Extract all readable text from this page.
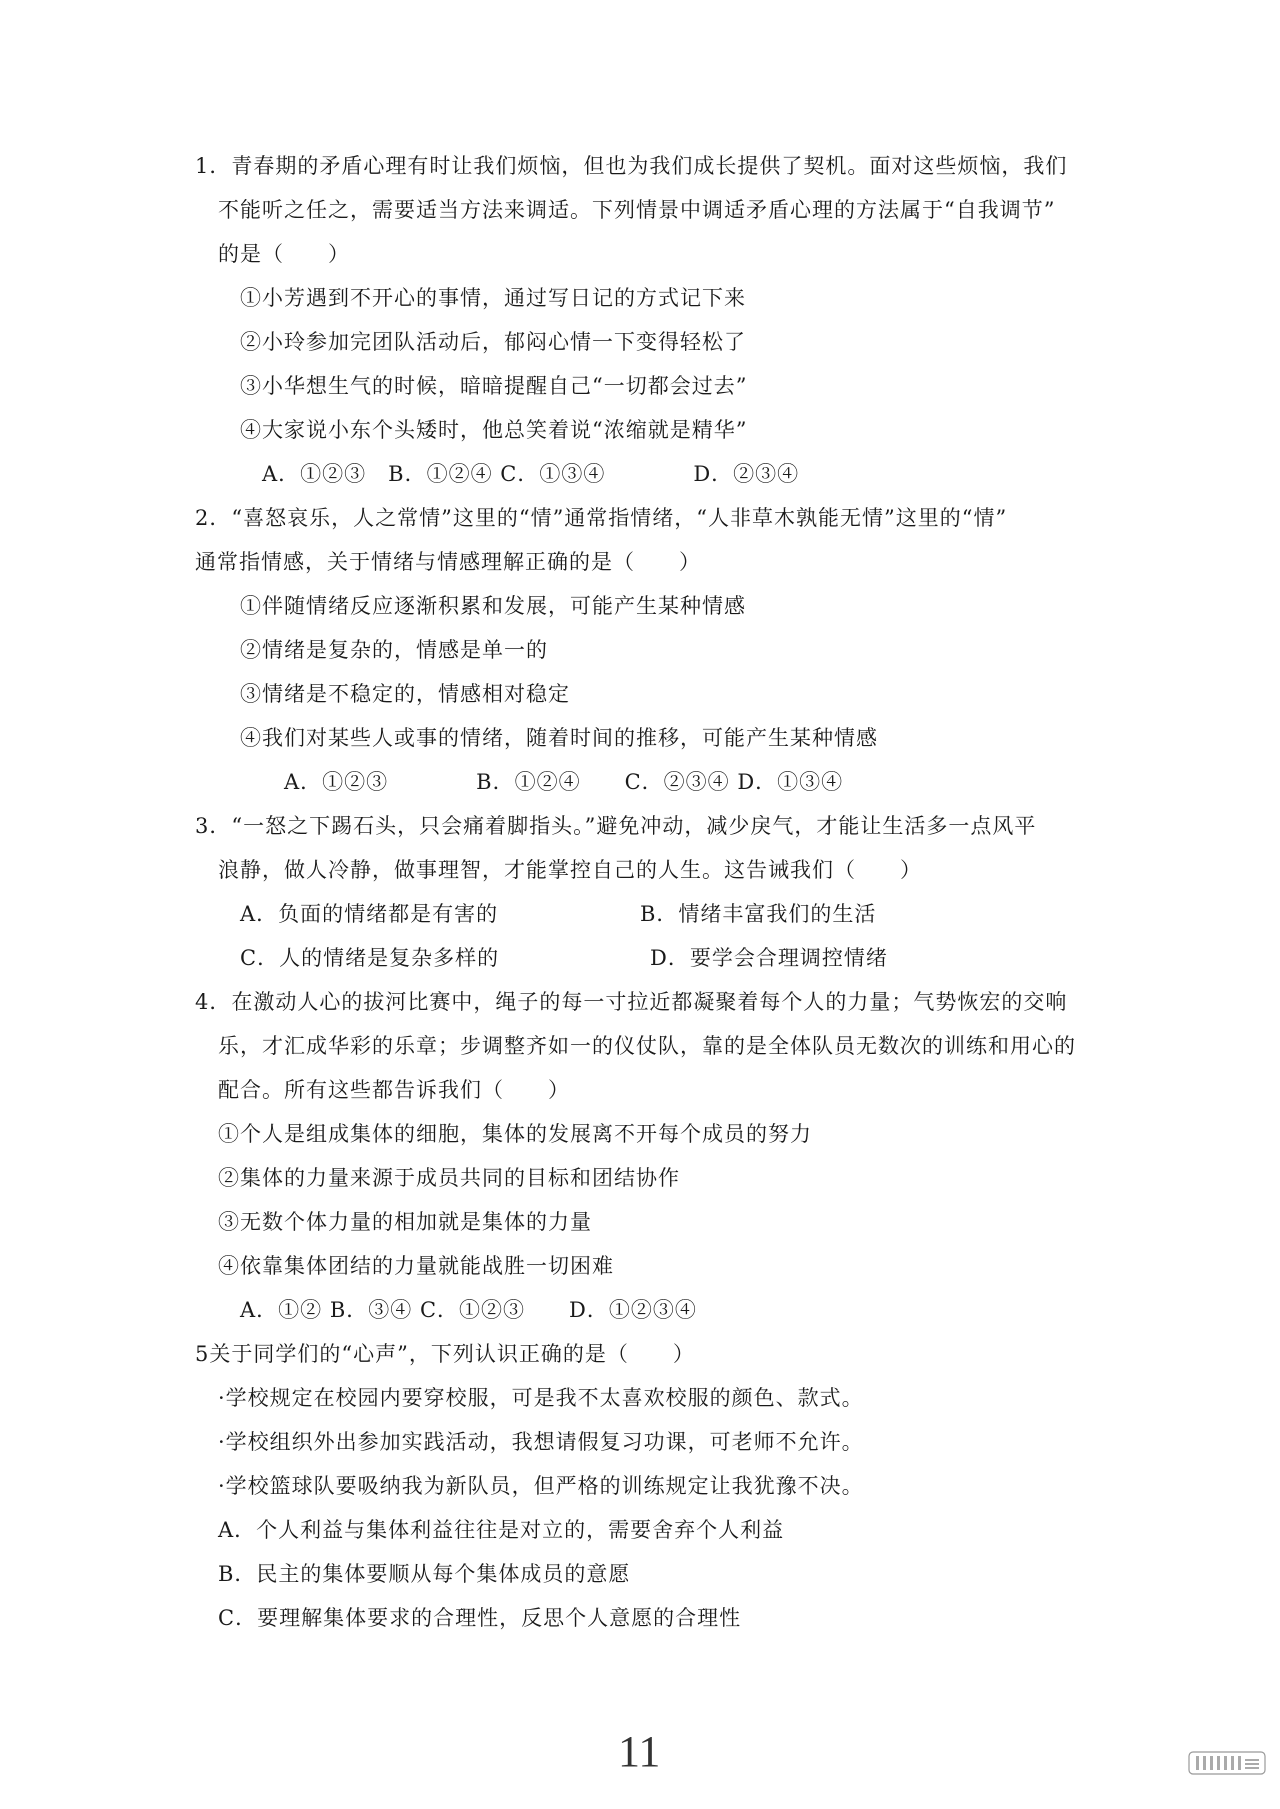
1．青春期的矛盾心理有时让我们烦恼，但也为我们成长提供了契机。面对这些烦恼，我们
不能听之任之，需要适当方法来调适。下列情景中调适矛盾心理的方法属于“自我调节”
的是（　　）
①小芳遇到不开心的事情，通过写日记的方式记下来
②小玲参加完团队活动后，郁闷心情一下变得轻松了
③小华想生气的时候，暗暗提醒自己“一切都会过去”
④大家说小东个头矮时，他总笑着说“浓缩就是精华”
A．①②③　B．①②④ C．①③④　　　　D．②③④
2．“喜怒哀乐，人之常情”这里的“情”通常指情绪，“人非草木孰能无情”这里的“情”
通常指情感，关于情绪与情感理解正确的是（　　）
①伴随情绪反应逐渐积累和发展，可能产生某种情感
②情绪是复杂的，情感是单一的
③情绪是不稳定的，情感相对稳定
④我们对某些人或事的情绪，随着时间的推移，可能产生某种情感
A．①②③　　　　B．①②④　　C．②③④ D．①③④
3．“一怒之下踢石头，只会痛着脚指头。”避免冲动，减少戾气，才能让生活多一点风平
浪静，做人冷静，做事理智，才能掌控自己的人生。这告诫我们（　　）
A．负面的情绪都是有害的	B．情绪丰富我们的生活
C．人的情绪是复杂多样的	D．要学会合理调控情绪
4．在激动人心的拔河比赛中，绳子的每一寸拉近都凝聚着每个人的力量；气势恢宏的交响
乐，才汇成华彩的乐章；步调整齐如一的仪仗队，靠的是全体队员无数次的训练和用心的
配合。所有这些都告诉我们（　　）
①个人是组成集体的细胞，集体的发展离不开每个成员的努力
②集体的力量来源于成员共同的目标和团结协作
③无数个体力量的相加就是集体的力量
④依靠集体团结的力量就能战胜一切困难
A．①② B．③④ C．①②③　　D．①②③④
5关于同学们的“心声”，下列认识正确的是（　　）
·学校规定在校园内要穿校服，可是我不太喜欢校服的颜色、款式。
·学校组织外出参加实践活动，我想请假复习功课，可老师不允许。
·学校篮球队要吸纳我为新队员，但严格的训练规定让我犹豫不决。
A．个人利益与集体利益往往是对立的，需要舍弃个人利益
B．民主的集体要顺从每个集体成员的意愿
C．要理解集体要求的合理性，反思个人意愿的合理性
11
